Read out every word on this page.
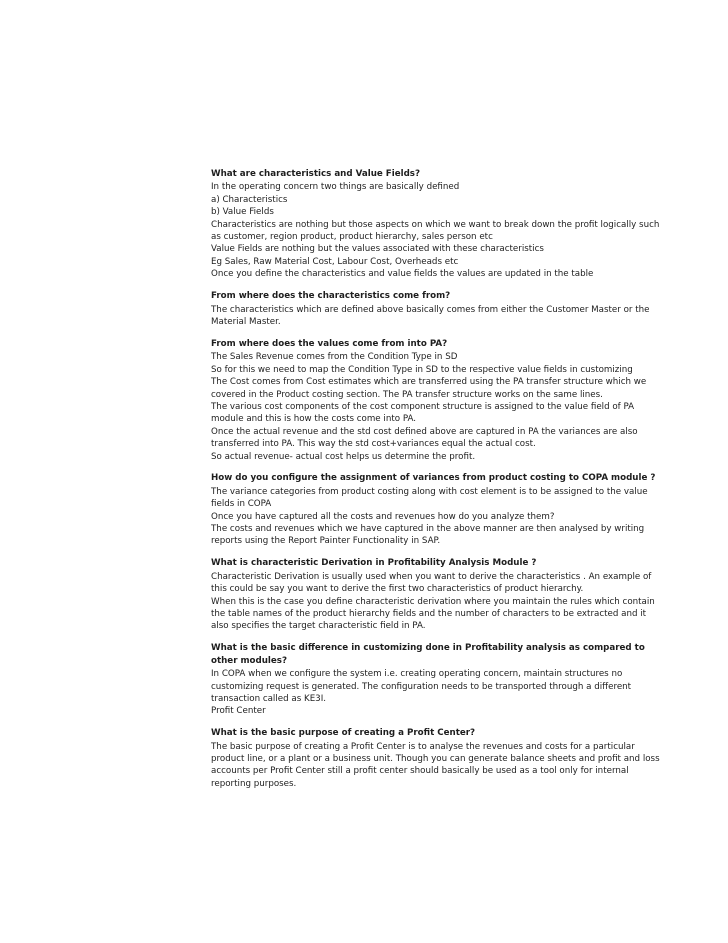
What are characteristics and Value Fields?
In the operating concern two things are basically defined
a) Characteristics
b) Value Fields
Characteristics are nothing but those aspects on which we want to break down the profit logically such as customer, region product, product hierarchy, sales person etc
Value Fields are nothing but the values associated with these characteristics
Eg Sales, Raw Material Cost, Labour Cost, Overheads etc
Once you define the characteristics and value fields the values are updated in the table
From where does the characteristics come from?
The characteristics which are defined above basically comes from either the Customer Master or the Material Master.
From where does the values come from into PA?
The Sales Revenue comes from the Condition Type in SD
So for this we need to map the Condition Type in SD to the respective value fields in customizing
The Cost comes from Cost estimates which are transferred using the PA transfer structure which we covered in the Product costing section. The PA transfer structure works on the same lines.
The various cost components of the cost component structure is assigned to the value field of PA module and this is how the costs come into PA.
Once the actual revenue and the std cost defined above are captured in PA the variances are also transferred into PA. This way the std cost+variances equal the actual cost.
So actual revenue- actual cost helps us determine the profit.
How do you configure the assignment of variances from product costing to COPA module ?
The variance categories from product costing along with cost element is to be assigned to the value fields in COPA
Once you have captured all the costs and revenues how do you analyze them?
The costs and revenues which we have captured in the above manner are then analysed by writing reports using the Report Painter Functionality in SAP.
What is characteristic Derivation in Profitability Analysis Module ?
Characteristic Derivation is usually used when you want to derive the characteristics . An example of this could be say you want to derive the first two characteristics of product hierarchy.
When this is the case you define characteristic derivation where you maintain the rules which contain the table names of the product hierarchy fields and the number of characters to be extracted and it also specifies the target characteristic field in PA.
What is the basic difference in customizing done in Profitability analysis as compared to other modules?
In COPA when we configure the system i.e. creating operating concern, maintain structures no customizing request is generated. The configuration needs to be transported through a different transaction called as KE3I.
Profit Center
What is the basic purpose of creating a Profit Center?
The basic purpose of creating a Profit Center is to analyse the revenues and costs for a particular product line, or a plant or a business unit. Though you can generate balance sheets and profit and loss accounts per Profit Center still a profit center should basically be used as a tool only for internal reporting purposes.
